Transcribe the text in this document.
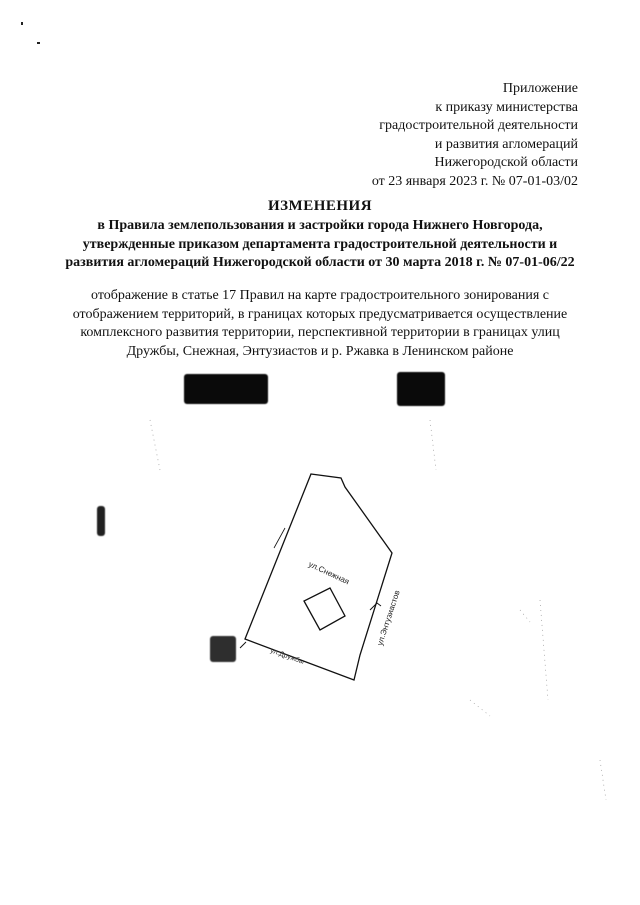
Приложение
к приказу министерства
градостроительной деятельности
и развития агломераций
Нижегородской области
от 23 января 2023 г. № 07-01-03/02
ИЗМЕНЕНИЯ
в Правила землепользования и застройки города Нижнего Новгорода,
утвержденные приказом департамента градостроительной деятельности и
развития агломераций Нижегородской области от 30 марта 2018 г. № 07-01-06/22
отображение в статье 17 Правил на карте градостроительного зонирования с
отображением территорий, в границах которых предусматривается осуществление
комплексного развития территории, перспективной территории в границах улиц
Дружбы, Снежная, Энтузиастов и р. Ржавка в Ленинском районе
ул.Снежная
ул.Энтузиастов
ул.Дружбы
